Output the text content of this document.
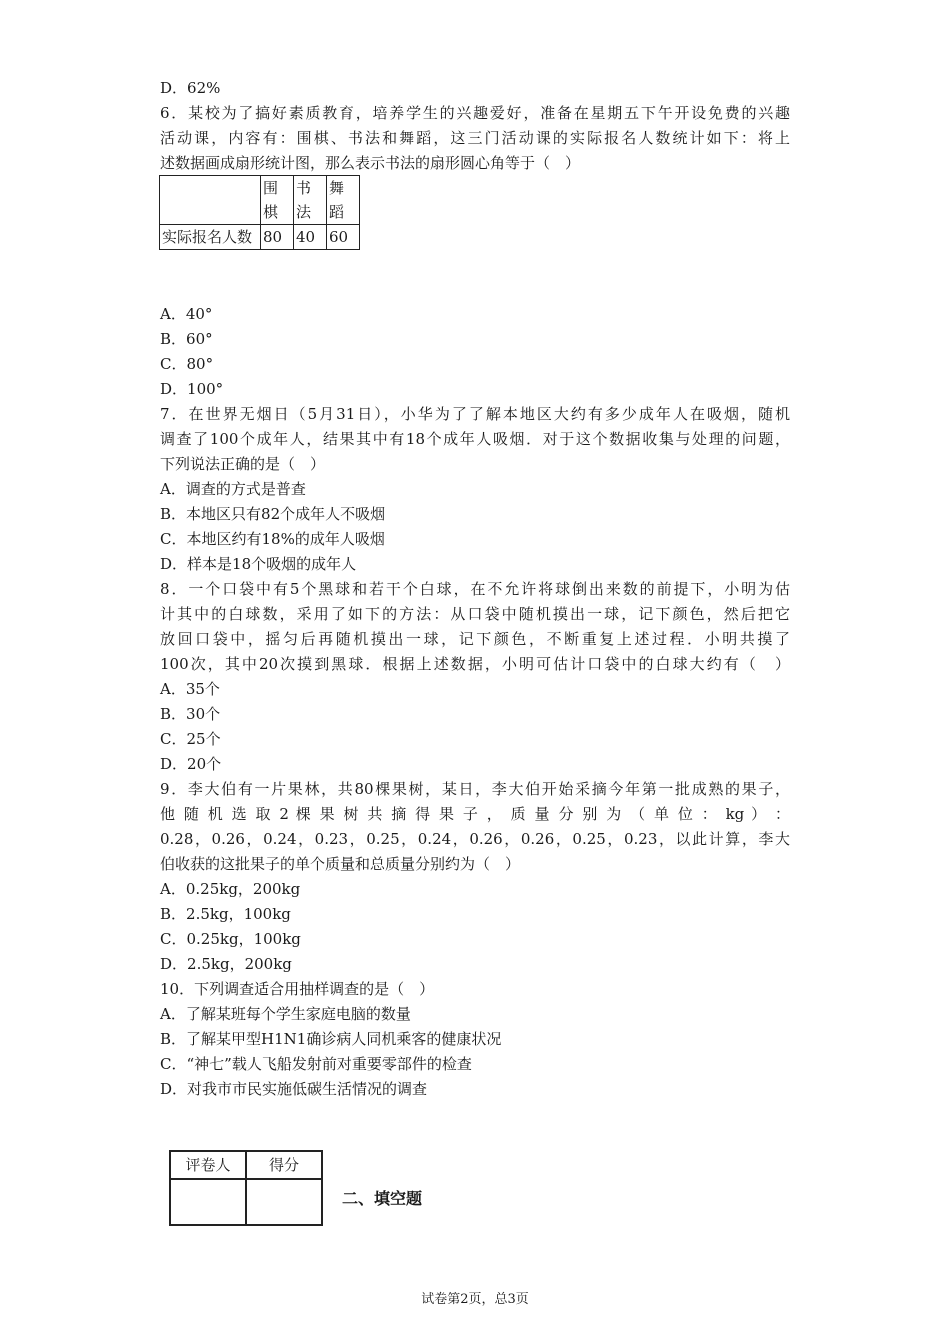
D．62%
6．某校为了搞好素质教育，培养学生的兴趣爱好，准备在星期五下午开设免费的兴趣
活动课，内容有：围棋、书法和舞蹈，这三门活动课的实际报名人数统计如下：将上
述数据画成扇形统计图，那么表示书法的扇形圆心角等于（　）
	围棋	书法	舞蹈
实际报名人数	80	40	60
A．40°
B．60°
C．80°
D．100°
7．在世界无烟日（5月31日），小华为了了解本地区大约有多少成年人在吸烟，随机
调查了100个成年人，结果其中有18个成年人吸烟．对于这个数据收集与处理的问题，
下列说法正确的是（　）
A．调查的方式是普查
B．本地区只有82个成年人不吸烟
C．本地区约有18%的成年人吸烟
D．样本是18个吸烟的成年人
8．一个口袋中有5个黑球和若干个白球，在不允许将球倒出来数的前提下，小明为估
计其中的白球数，采用了如下的方法：从口袋中随机摸出一球，记下颜色，然后把它
放回口袋中，摇匀后再随机摸出一球，记下颜色，不断重复上述过程．小明共摸了
100次，其中20次摸到黑球．根据上述数据，小明可估计口袋中的白球大约有（　）
A．35个
B．30个
C．25个
D．20个
9．李大伯有一片果林，共80棵果树，某日，李大伯开始采摘今年第一批成熟的果子，
他 随 机 选 取 2 棵 果 树 共 摘 得 果 子 ， 质 量 分 别 为 （ 单 位 ： kg ） ：
0.28，0.26，0.24，0.23，0.25，0.24，0.26，0.26，0.25，0.23，以此计算，李大
伯收获的这批果子的单个质量和总质量分别约为（　）
A．0.25kg，200kg
B．2.5kg，100kg
C．0.25kg，100kg
D．2.5kg，200kg
10．下列调查适合用抽样调查的是（　）
A．了解某班每个学生家庭电脑的数量
B．了解某甲型H1N1确诊病人同机乘客的健康状况
C．“神七”载人飞船发射前对重要零部件的检查
D．对我市市民实施低碳生活情况的调查
评卷人	得分

二、填空题
试卷第2页，总3页
